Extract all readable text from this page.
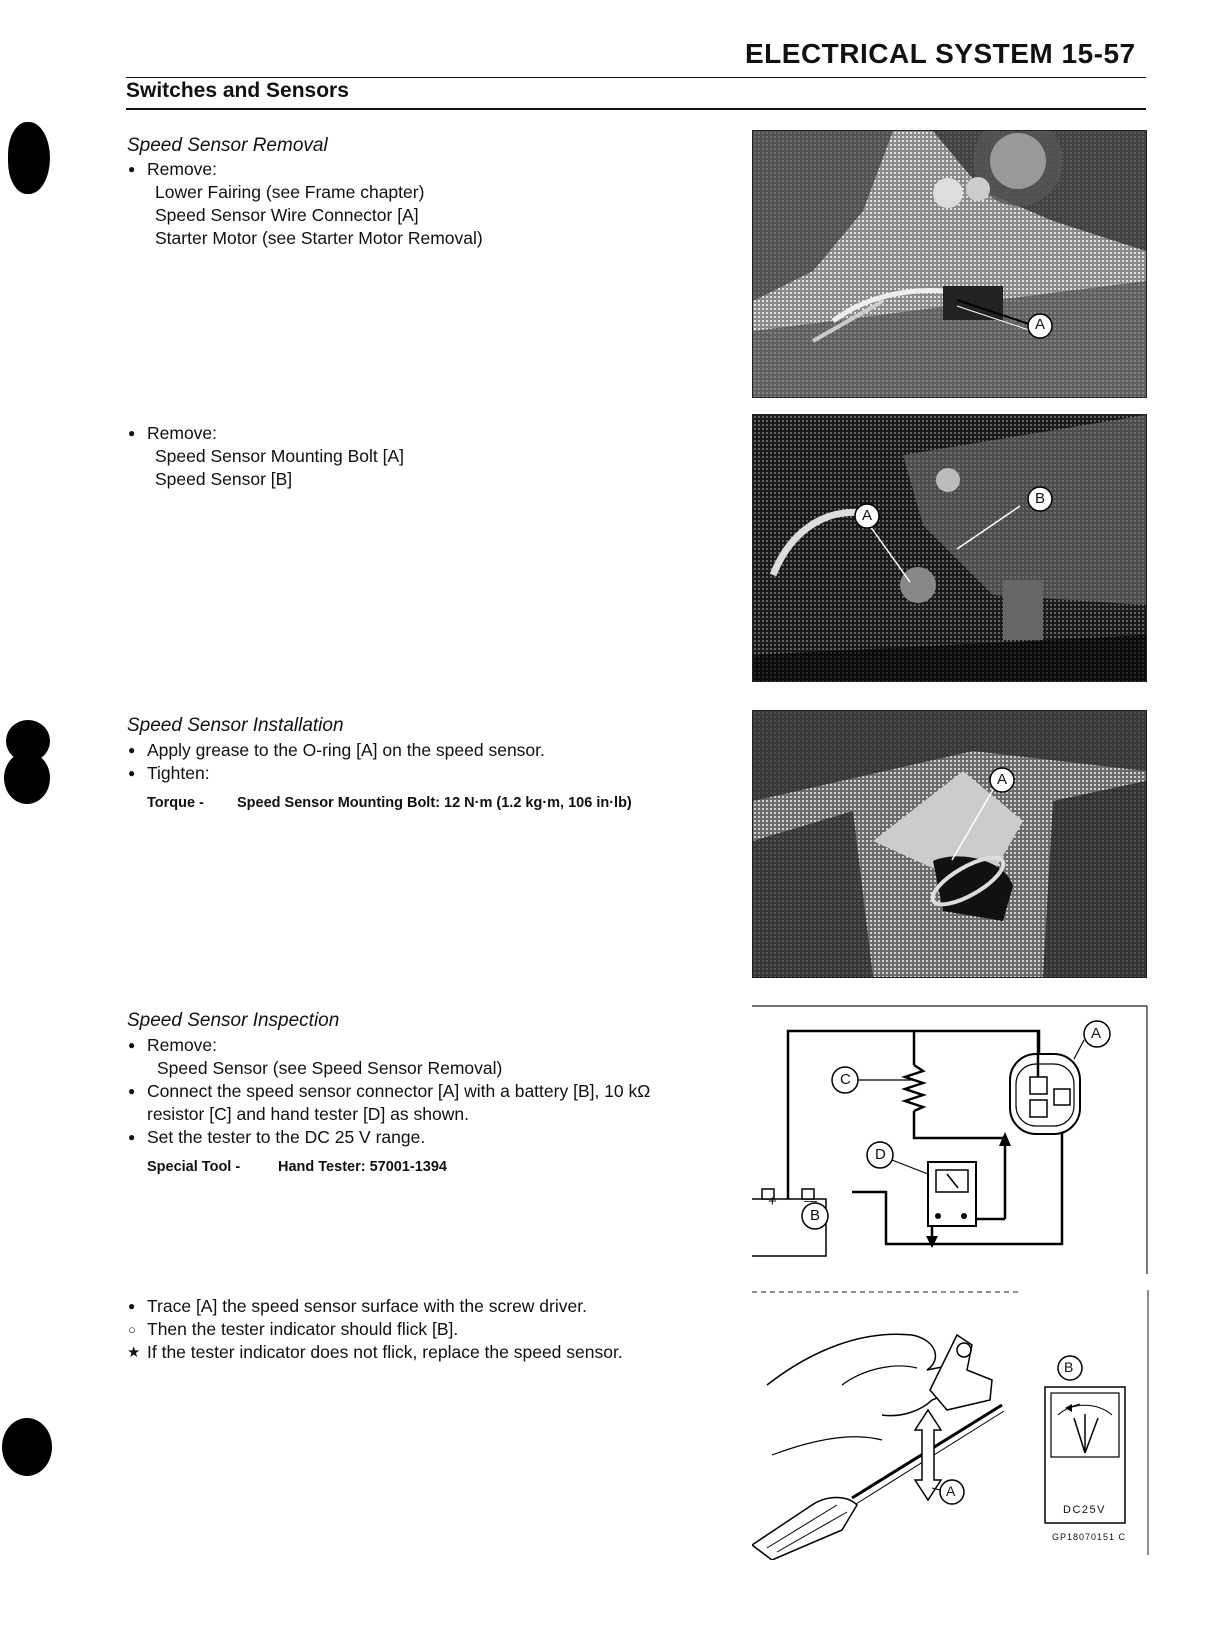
ELECTRICAL SYSTEM 15-57
Switches and Sensors
Speed Sensor Removal
● Remove:
Lower Fairing (see Frame chapter)
Speed Sensor Wire Connector [A]
Starter Motor (see Starter Motor Removal)
● Remove:
Speed Sensor Mounting Bolt [A]
Speed Sensor [B]
Speed Sensor Installation
● Apply grease to the O-ring [A] on the speed sensor.
● Tighten:
Torque - Speed Sensor Mounting Bolt: 12 N·m (1.2 kg·m, 106 in·lb)
Speed Sensor Inspection
● Remove:
Speed Sensor (see Speed Sensor Removal)
● Connect the speed sensor connector [A] with a battery [B], 10 kΩ
resistor [C] and hand tester [D] as shown.
● Set the tester to the DC 25 V range.
Special Tool -	Hand Tester: 57001-1394
● Trace [A] the speed sensor surface with the screw driver.
○ Then the tester indicator should flick [B].
★ If the tester indicator does not flick, replace the speed sensor.
A
A
B
A
A
C
D
B
+ —
A
B
DC25V
GP18070151 C
